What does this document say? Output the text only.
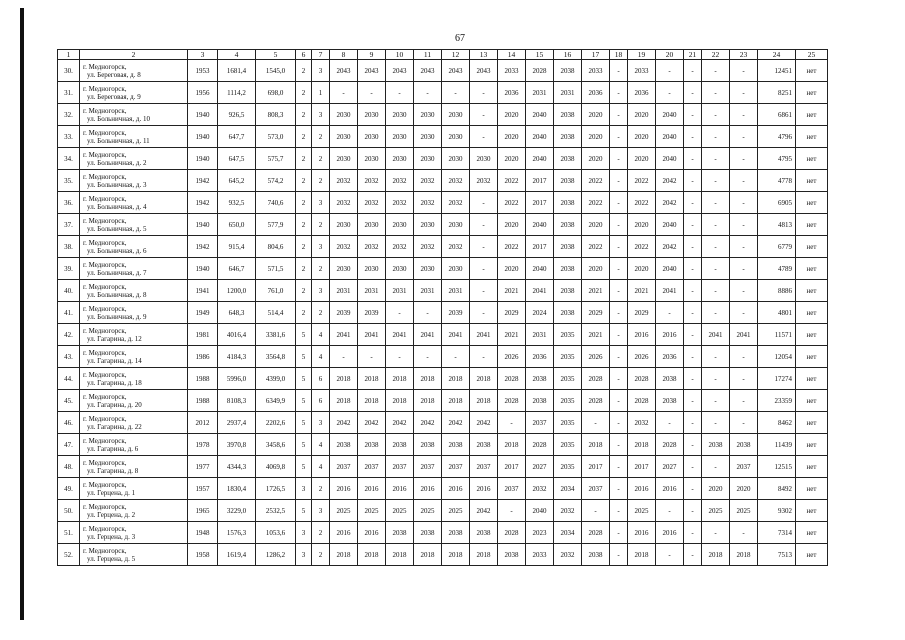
67
1	2	3	4	5	6	7	8	9	10	11	12	13	14	15	16	17	18	19	20	21	22	23	24	25
30.	г. Медногорск,
ул. Береговая, д. 8	1953	1681,4	1545,0	2	3	2043	2043	2043	2043	2043	2043	2033	2028	2038	2033	-	2033	-	-	-	-	12451	нет
31.	г. Медногорск,
ул. Береговая, д. 9	1956	1114,2	698,0	2	1	-	-	-	-	-	-	2036	2031	2031	2036	-	2036	-	-	-	-	8251	нет
32.	г. Медногорск,
ул. Больничная, д. 10	1940	926,5	808,3	2	3	2030	2030	2030	2030	2030	-	2020	2040	2038	2020	-	2020	2040	-	-	-	6861	нет
33.	г. Медногорск,
ул. Больничная, д. 11	1940	647,7	573,0	2	2	2030	2030	2030	2030	2030	-	2020	2040	2038	2020	-	2020	2040	-	-	-	4796	нет
34.	г. Медногорск,
ул. Больничная, д. 2	1940	647,5	575,7	2	2	2030	2030	2030	2030	2030	2030	2020	2040	2038	2020	-	2020	2040	-	-	-	4795	нет
35.	г. Медногорск,
ул. Больничная, д. 3	1942	645,2	574,2	2	2	2032	2032	2032	2032	2032	2032	2022	2017	2038	2022	-	2022	2042	-	-	-	4778	нет
36.	г. Медногорск,
ул. Больничная, д. 4	1942	932,5	740,6	2	3	2032	2032	2032	2032	2032	-	2022	2017	2038	2022	-	2022	2042	-	-	-	6905	нет
37.	г. Медногорск,
ул. Больничная, д. 5	1940	650,0	577,9	2	2	2030	2030	2030	2030	2030	-	2020	2040	2038	2020	-	2020	2040	-	-	-	4813	нет
38.	г. Медногорск,
ул. Больничная, д. 6	1942	915,4	804,6	2	3	2032	2032	2032	2032	2032	-	2022	2017	2038	2022	-	2022	2042	-	-	-	6779	нет
39.	г. Медногорск,
ул. Больничная, д. 7	1940	646,7	571,5	2	2	2030	2030	2030	2030	2030	-	2020	2040	2038	2020	-	2020	2040	-	-	-	4789	нет
40.	г. Медногорск,
ул. Больничная, д. 8	1941	1200,0	761,0	2	3	2031	2031	2031	2031	2031	-	2021	2041	2038	2021	-	2021	2041	-	-	-	8886	нет
41.	г. Медногорск,
ул. Больничная, д. 9	1949	648,3	514,4	2	2	2039	2039	-	-	2039	-	2029	2024	2038	2029	-	2029	-	-	-	-	4801	нет
42.	г. Медногорск,
ул. Гагарина, д. 12	1981	4016,4	3381,6	5	4	2041	2041	2041	2041	2041	2041	2021	2031	2035	2021	-	2016	2016	-	2041	2041	11571	нет
43.	г. Медногорск,
ул. Гагарина, д. 14	1986	4184,3	3564,8	5	4	-	-	-	-	-	-	2026	2036	2035	2026	-	2026	2036	-	-	-	12054	нет
44.	г. Медногорск,
ул. Гагарина, д. 18	1988	5996,0	4399,0	5	6	2018	2018	2018	2018	2018	2018	2028	2038	2035	2028	-	2028	2038	-	-	-	17274	нет
45.	г. Медногорск,
ул. Гагарина, д. 20	1988	8108,3	6349,9	5	6	2018	2018	2018	2018	2018	2018	2028	2038	2035	2028	-	2028	2038	-	-	-	23359	нет
46.	г. Медногорск,
ул. Гагарина, д. 22	2012	2937,4	2202,6	5	3	2042	2042	2042	2042	2042	2042	-	2037	2035	-	-	2032	-	-	-	-	8462	нет
47.	г. Медногорск,
ул. Гагарина, д. 6	1978	3970,8	3458,6	5	4	2038	2038	2038	2038	2038	2038	2018	2028	2035	2018	-	2018	2028	-	2038	2038	11439	нет
48.	г. Медногорск,
ул. Гагарина, д. 8	1977	4344,3	4069,8	5	4	2037	2037	2037	2037	2037	2037	2017	2027	2035	2017	-	2017	2027	-	-	2037	12515	нет
49.	г. Медногорск,
ул. Герцена, д. 1	1957	1830,4	1726,5	3	2	2016	2016	2016	2016	2016	2016	2037	2032	2034	2037	-	2016	2016	-	2020	2020	8492	нет
50.	г. Медногорск,
ул. Герцена, д. 2	1965	3229,0	2532,5	5	3	2025	2025	2025	2025	2025	2042	-	2040	2032	-	-	2025	-	-	2025	2025	9302	нет
51.	г. Медногорск,
ул. Герцена, д. 3	1948	1576,3	1053,6	3	2	2016	2016	2038	2038	2038	2038	2028	2023	2034	2028	-	2016	2016	-	-	-	7314	нет
52.	г. Медногорск,
ул. Герцена, д. 5	1958	1619,4	1286,2	3	2	2018	2018	2018	2018	2018	2018	2038	2033	2032	2038	-	2018	-	-	2018	2018	7513	нет
